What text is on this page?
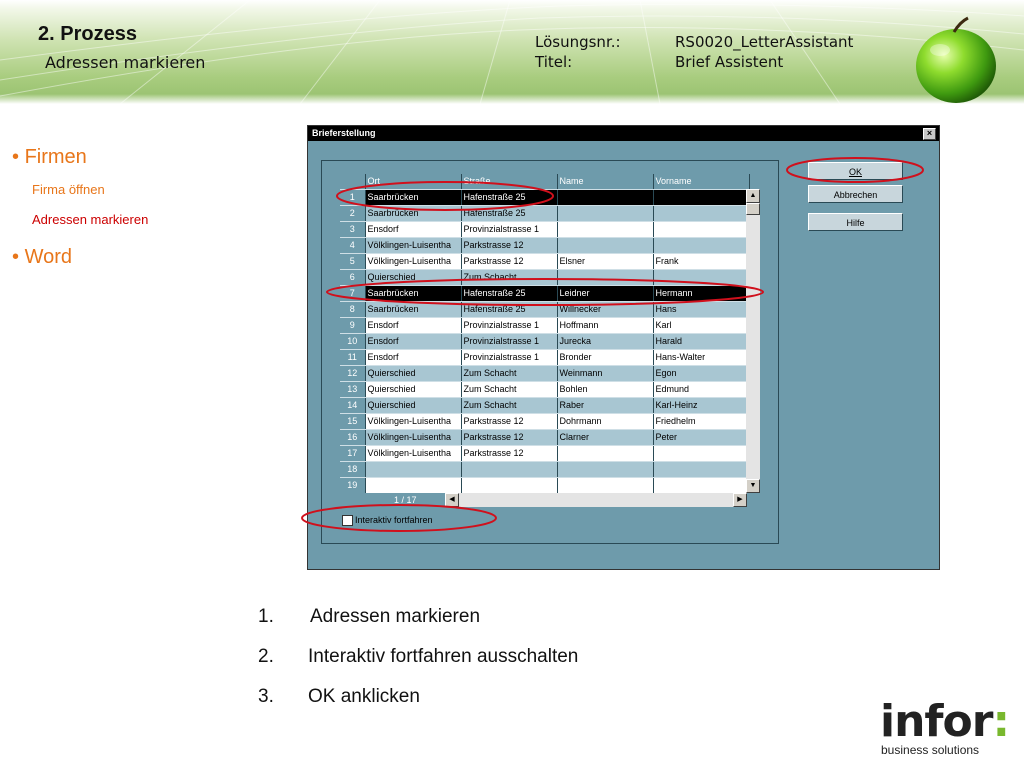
2. Prozess
Adressen markieren
Lösungsnr.:	RS0020_LetterAssistant
Titel:	Brief Assistent
• Firmen
Firma öffnen
Adressen markieren
• Word
Brieferstellung	×
	Ort	Straße	Name	Vorname
1	Saarbrücken	Hafenstraße 25		
2	Saarbrücken	Hafenstraße 25		
3	Ensdorf	Provinzialstrasse 1		
4	Völklingen-Luisentha	Parkstrasse 12		
5	Völklingen-Luisentha	Parkstrasse 12	Elsner	Frank
6	Quierschied	Zum Schacht		
7	Saarbrücken	Hafenstraße 25	Leidner	Hermann
8	Saarbrücken	Hafenstraße 25	Willnecker	Hans
9	Ensdorf	Provinzialstrasse 1	Hoffmann	Karl
10	Ensdorf	Provinzialstrasse 1	Jurecka	Harald
11	Ensdorf	Provinzialstrasse 1	Bronder	Hans-Walter
12	Quierschied	Zum Schacht	Weinmann	Egon
13	Quierschied	Zum Schacht	Bohlen	Edmund
14	Quierschied	Zum Schacht	Raber	Karl-Heinz
15	Völklingen-Luisentha	Parkstrasse 12	Dohrmann	Friedhelm
16	Völklingen-Luisentha	Parkstrasse 12	Clarner	Peter
17	Völklingen-Luisentha	Parkstrasse 12		
18				
19				
▲
▼
1 / 17	◀	▶
Interaktiv fortfahren
OK
Abbrechen
Hilfe
1. Adressen markieren
2. Interaktiv fortfahren ausschalten
3. OK anklicken	infor:
business solutions
